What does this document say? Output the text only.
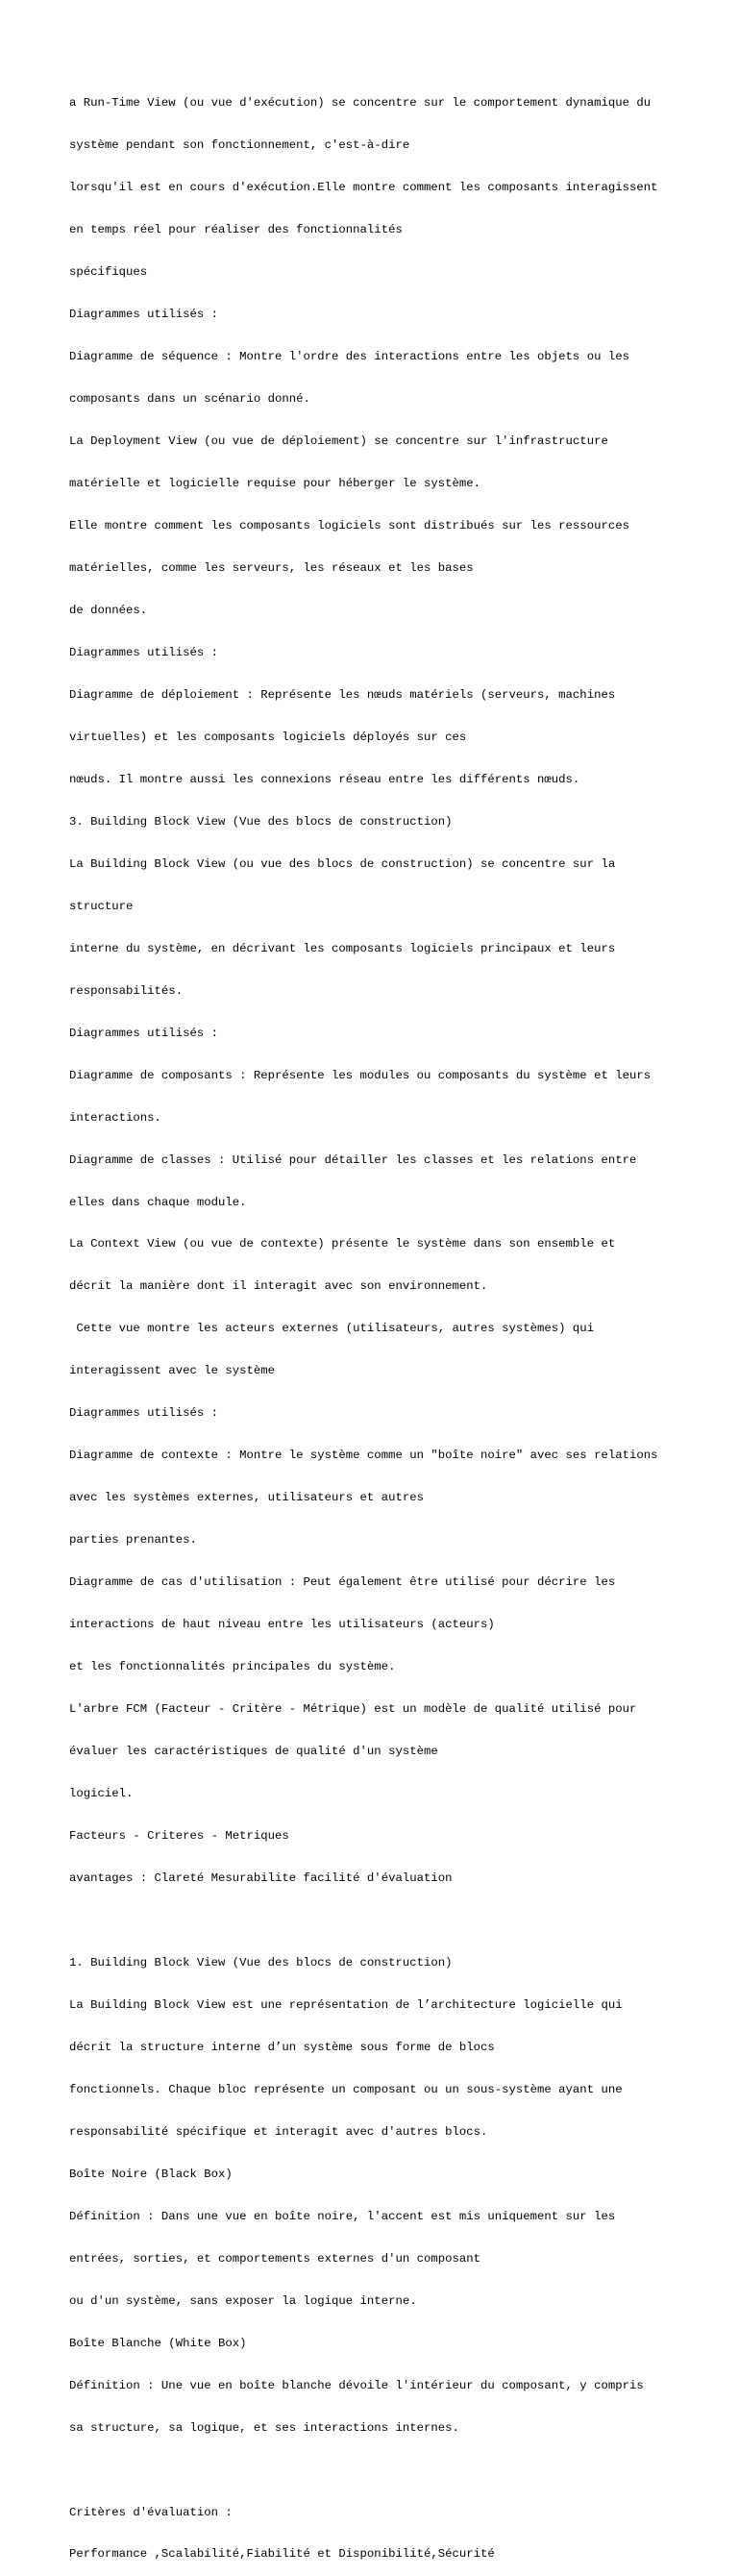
a Run-Time View (ou vue d'exécution) se concentre sur le comportement dynamique du

système pendant son fonctionnement, c'est-à-dire

lorsqu'il est en cours d'exécution.Elle montre comment les composants interagissent

en temps réel pour réaliser des fonctionnalités

spécifiques

Diagrammes utilisés :

Diagramme de séquence : Montre l'ordre des interactions entre les objets ou les

composants dans un scénario donné.

La Deployment View (ou vue de déploiement) se concentre sur l'infrastructure

matérielle et logicielle requise pour héberger le système.

Elle montre comment les composants logiciels sont distribués sur les ressources

matérielles, comme les serveurs, les réseaux et les bases

de données.

Diagrammes utilisés :

Diagramme de déploiement : Représente les nœuds matériels (serveurs, machines

virtuelles) et les composants logiciels déployés sur ces

nœuds. Il montre aussi les connexions réseau entre les différents nœuds.

3. Building Block View (Vue des blocs de construction)

La Building Block View (ou vue des blocs de construction) se concentre sur la

structure

interne du système, en décrivant les composants logiciels principaux et leurs

responsabilités.

Diagrammes utilisés :

Diagramme de composants : Représente les modules ou composants du système et leurs

interactions.

Diagramme de classes : Utilisé pour détailler les classes et les relations entre

elles dans chaque module.

La Context View (ou vue de contexte) présente le système dans son ensemble et

décrit la manière dont il interagit avec son environnement.

Cette vue montre les acteurs externes (utilisateurs, autres systèmes) qui

interagissent avec le système

Diagrammes utilisés :

Diagramme de contexte : Montre le système comme un "boîte noire" avec ses relations

avec les systèmes externes, utilisateurs et autres

parties prenantes.

Diagramme de cas d'utilisation : Peut également être utilisé pour décrire les

interactions de haut niveau entre les utilisateurs (acteurs)

et les fonctionnalités principales du système.

L'arbre FCM (Facteur - Critère - Métrique) est un modèle de qualité utilisé pour

évaluer les caractéristiques de qualité d'un système

logiciel.

Facteurs - Criteres - Metriques

avantages : Clareté Mesurabilite facilité d'évaluation

1. Building Block View (Vue des blocs de construction)

La Building Block View est une représentation de l’architecture logicielle qui

décrit la structure interne d’un système sous forme de blocs

fonctionnels. Chaque bloc représente un composant ou un sous-système ayant une

responsabilité spécifique et interagit avec d'autres blocs.

Boîte Noire (Black Box)

Définition : Dans une vue en boîte noire, l'accent est mis uniquement sur les

entrées, sorties, et comportements externes d'un composant

ou d'un système, sans exposer la logique interne.

Boîte Blanche (White Box)

Définition : Une vue en boîte blanche dévoile l'intérieur du composant, y compris

sa structure, sa logique, et ses interactions internes.

Critères d'évaluation :

Performance ,Scalabilité,Fiabilité et Disponibilité,Sécurité
